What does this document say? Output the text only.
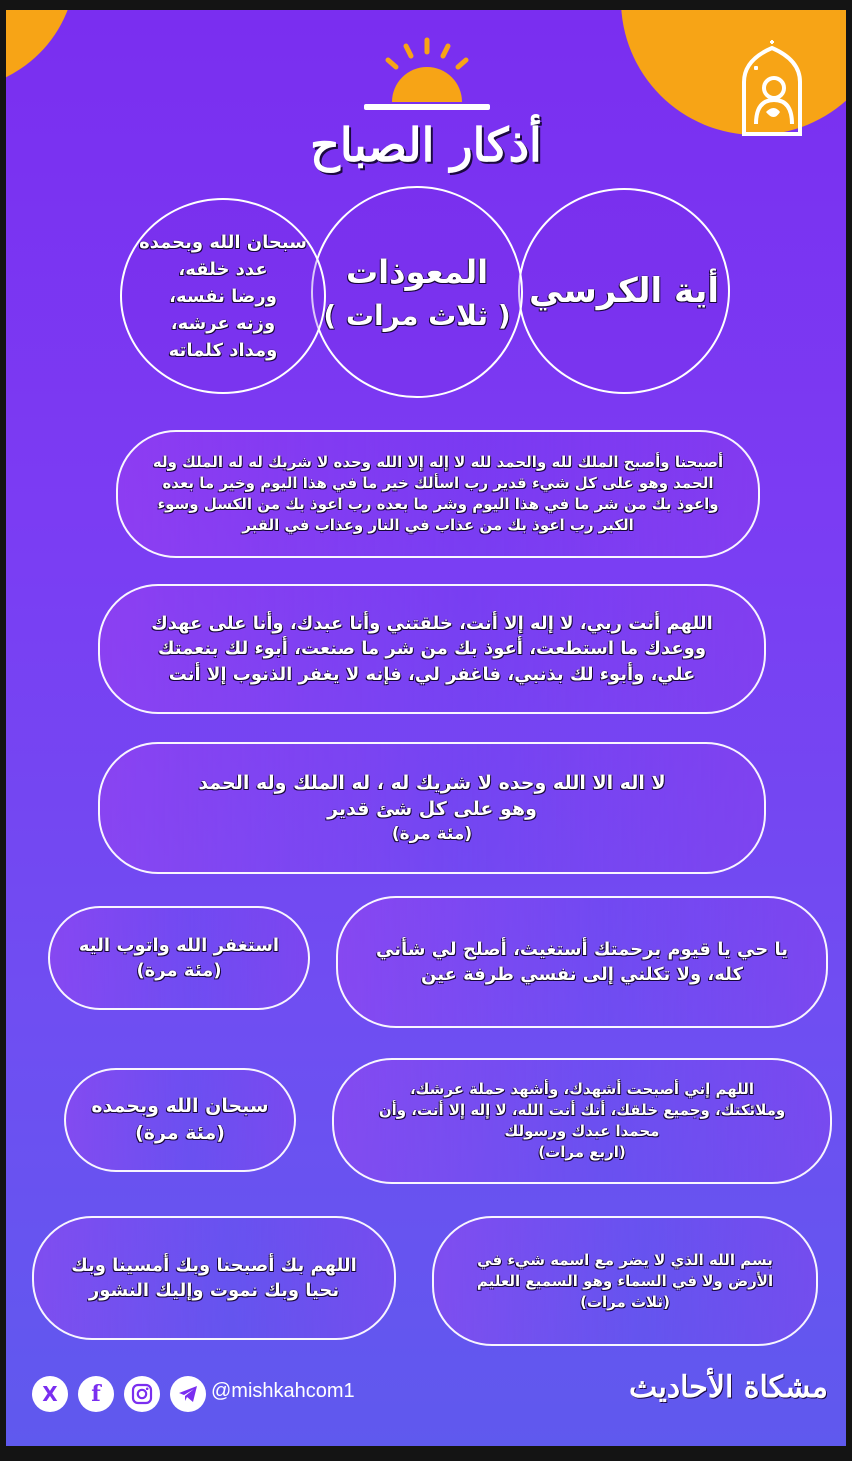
أذكار الصباح
أية الكرسي
المعوذات
( ثلاث مرات )
سبحان الله وبحمده
عدد خلقه،
ورضا نفسه،
وزنه عرشه،
ومداد كلماته
أصبحنا وأصبح الملك لله والحمد لله لا إله إلا الله وحده لا شريك له له الملك وله
الحمد وهو على كل شيء قدير رب اسألك خير ما في هذا اليوم وخير ما بعده
واعوذ بك من شر ما في هذا اليوم وشر ما بعده رب اعوذ بك من الكسل وسوء
الكبر رب اعوذ بك من عذاب في النار وعذاب في القبر
اللهم أنت ربي، لا إله إلا أنت، خلقتني وأنا عبدك، وأنا على عهدك
ووعدك ما استطعت، أعوذ بك من شر ما صنعت، أبوء لك بنعمتك
علي، وأبوء لك بذنبي، فاغفر لي، فإنه لا يغفر الذنوب إلا أنت
لا اله الا الله وحده لا شريك له ، له الملك وله الحمد
وهو على كل شئ قدير
(مئة مرة)
يا حي يا قيوم برحمتك أستغيث، أصلح لي شأني
كله، ولا تكلني إلى نفسي طرفة عين
استغفر الله واتوب اليه
(مئة مرة)
اللهم إني أصبحت أشهدك، وأشهد حملة عرشك،
وملائكتك، وجميع خلقك، أنك أنت الله، لا إله إلا أنت، وأن
محمدا عبدك ورسولك
(اربع مرات)
سبحان الله وبحمده
(مئة مرة)
بسم الله الذي لا يضر مع اسمه شيء في
الأرض ولا في السماء وهو السميع العليم
(ثلاث مرات)
اللهم بك أصبحنا وبك أمسينا وبك
نحيا وبك نموت وإليك النشور
X f	@mishkahcom1	مشكاة الأحاديث
